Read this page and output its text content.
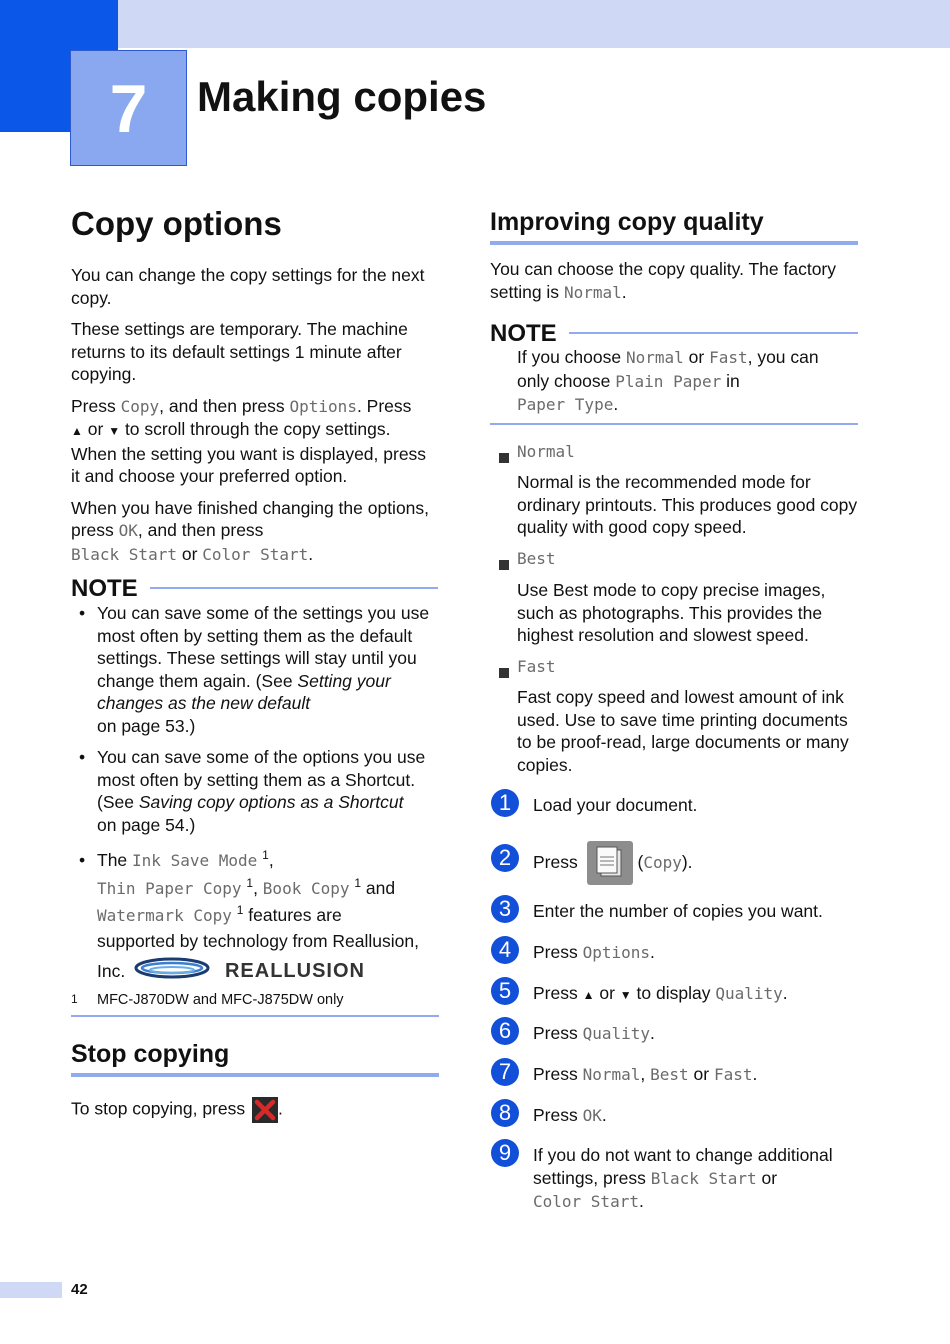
7	Making copies
Copy options

You can change the copy settings for the next copy.

These settings are temporary. The machine returns to its default settings 1 minute after copying.

Press Copy, and then press Options. Press
▲ or ▼ to scroll through the copy settings. When the setting you want is displayed, press it and choose your preferred option.

When you have finished changing the options, press OK, and then press
Black Start or Color Start.

NOTE
• You can save some of the settings you use most often by setting them as the default settings. These settings will stay until you change them again. (See Setting your changes as the new default
on page 53.)
• You can save some of the options you use most often by setting them as a Shortcut. (See Saving copy options as a Shortcut
on page 54.)
• The Ink Save Mode $^1$,
Thin Paper Copy $^1$, Book Copy $^1$ and
Watermark Copy $^1$ features are

supported by technology from Reallusion,
Inc.	REALLUSION
1 MFC-J870DW and MFC-J875DW only
Stop copying
To stop copying, press .
Improving copy quality
You can choose the copy quality. The factory setting is Normal.
NOTE
If you choose Normal or Fast, you can
only choose Plain Paper in
Paper Type.
Normal
Normal is the recommended mode for ordinary printouts. This produces good copy quality with good copy speed.
Best
Use Best mode to copy precise images, such as photographs. This provides the highest resolution and slowest speed.
Fast
Fast copy speed and lowest amount of ink used. Use to save time printing documents to be proof-read, large documents or many copies.
1	Load your document.
2	Press	(Copy).
3	Enter the number of copies you want.
4	Press Options.
5	Press ▲ or ▼ to display Quality.
6	Press Quality.
7	Press Normal, Best or Fast.
8	Press OK.
9	If you do not want to change additional
settings, press Black Start or
Color Start.
42
